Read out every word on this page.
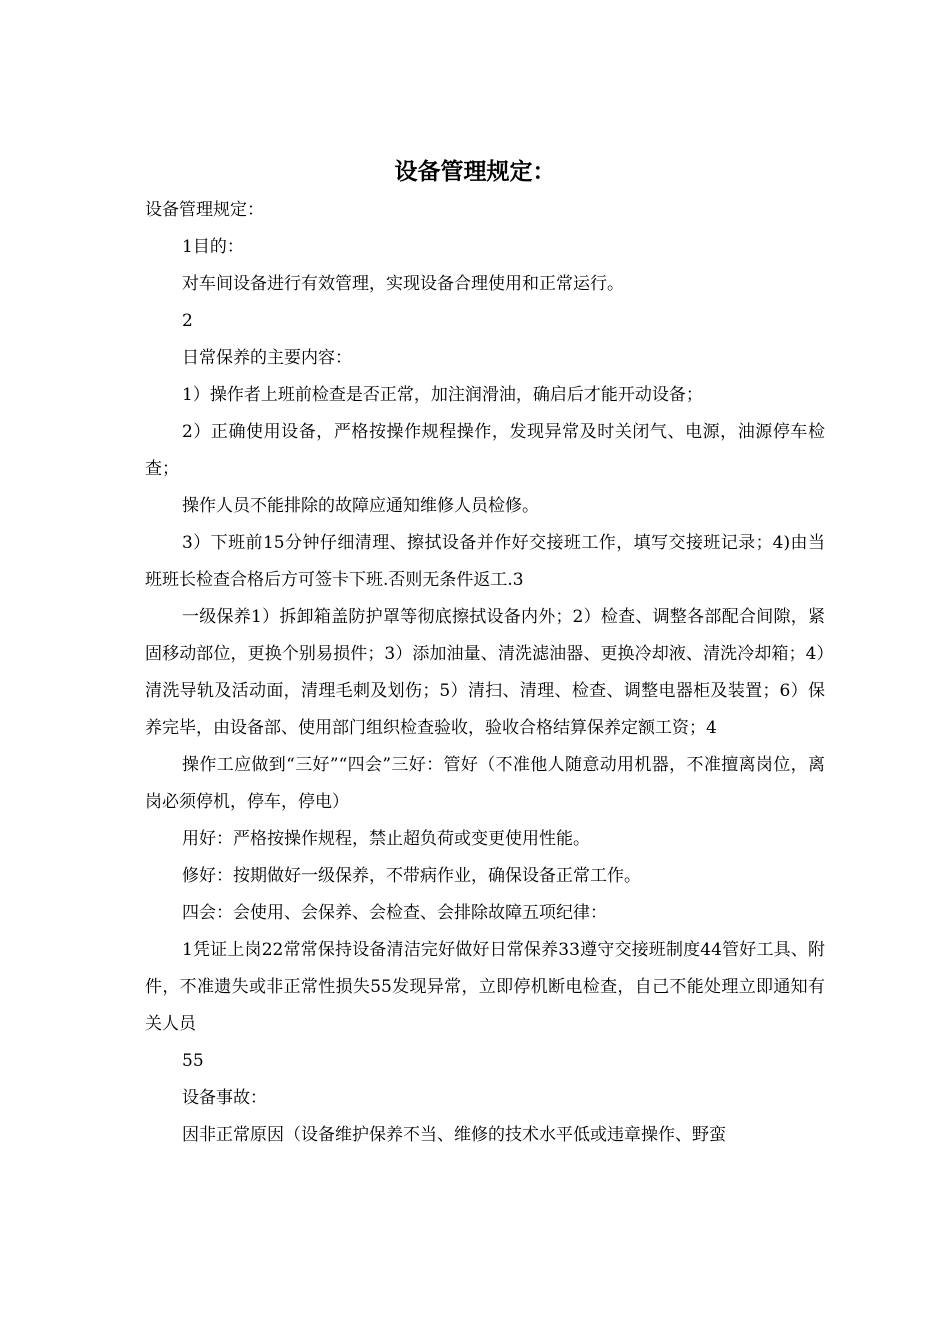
设备管理规定：

设备管理规定：

1目的：

对车间设备进行有效管理，实现设备合理使用和正常运行。

2

日常保养的主要内容：

1）操作者上班前检查是否正常，加注润滑油，确启后才能开动设备；

2）正确使用设备，严格按操作规程操作，发现异常及时关闭气、电源，油源停车检查；

操作人员不能排除的故障应通知维修人员检修。

3）下班前15分钟仔细清理、擦拭设备并作好交接班工作，填写交接班记录；4)由当班班长检查合格后方可签卡下班.否则无条件返工.3

一级保养1）拆卸箱盖防护罩等彻底擦拭设备内外；2）检查、调整各部配合间隙，紧固移动部位，更换个别易损件；3）添加油量、清洗滤油器、更换冷却液、清洗冷却箱；4）清洗导轨及活动面，清理毛刺及划伤；5）清扫、清理、检查、调整电器柜及装置；6）保养完毕，由设备部、使用部门组织检查验收，验收合格结算保养定额工资；4

操作工应做到“三好”“四会”三好：管好（不准他人随意动用机器，不准擅离岗位，离岗必须停机，停车，停电）

用好：严格按操作规程，禁止超负荷或变更使用性能。

修好：按期做好一级保养，不带病作业，确保设备正常工作。

四会：会使用、会保养、会检查、会排除故障五项纪律：

1凭证上岗22常常保持设备清洁完好做好日常保养33遵守交接班制度44管好工具、附件，不准遗失或非正常性损失55发现异常，立即停机断电检查，自己不能处理立即通知有关人员

55

设备事故：

因非正常原因（设备维护保养不当、维修的技术水平低或违章操作、野蛮
